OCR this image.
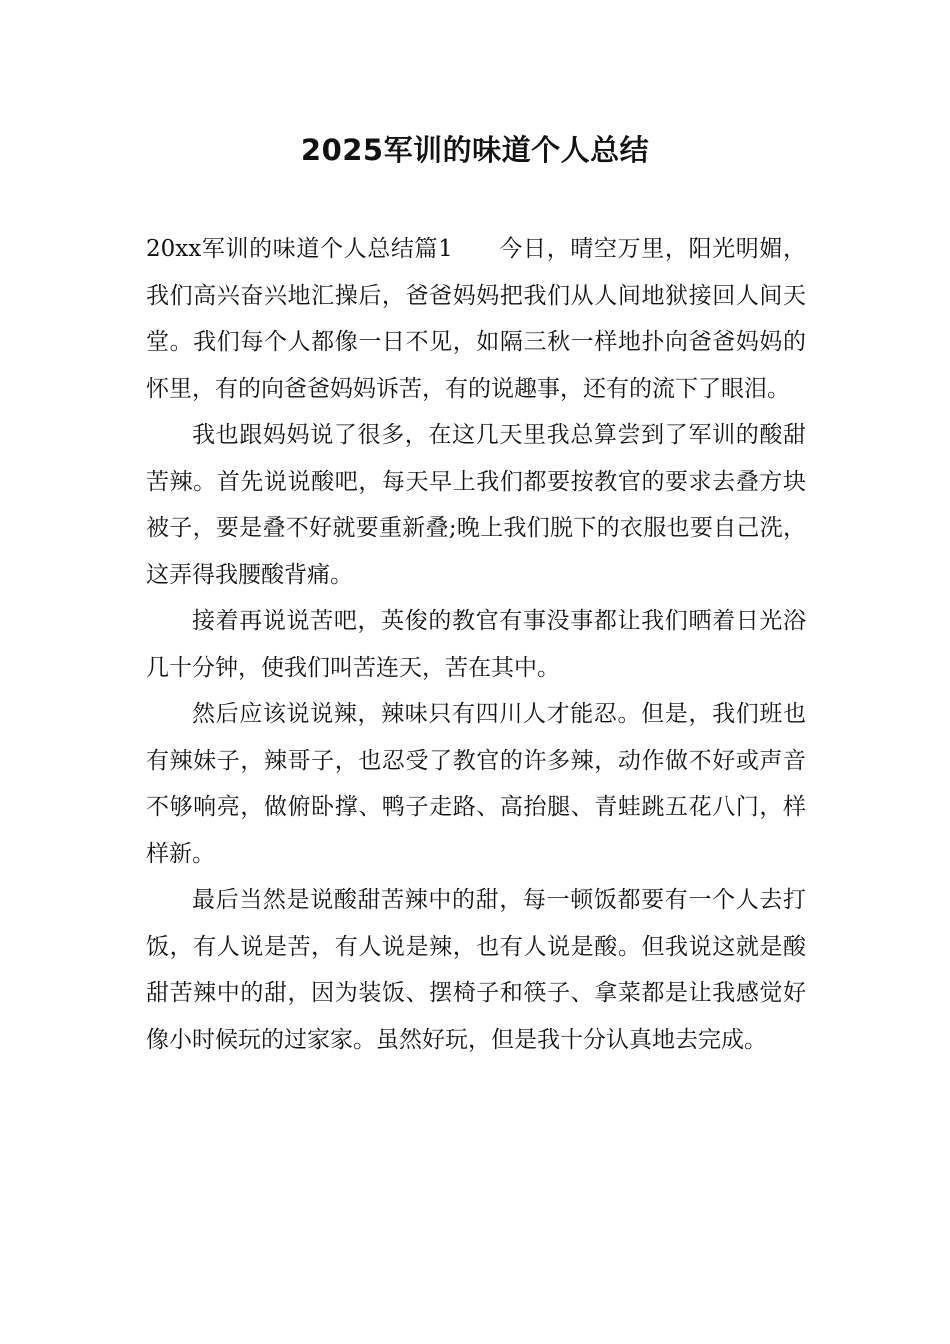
2025军训的味道个人总结

20xx军训的味道个人总结篇1 今日，晴空万里，阳光明媚，我们高兴奋兴地汇操后，爸爸妈妈把我们从人间地狱接回人间天堂。我们每个人都像一日不见，如隔三秋一样地扑向爸爸妈妈的怀里，有的向爸爸妈妈诉苦，有的说趣事，还有的流下了眼泪。

我也跟妈妈说了很多，在这几天里我总算尝到了军训的酸甜苦辣。首先说说酸吧，每天早上我们都要按教官的要求去叠方块被子，要是叠不好就要重新叠;晚上我们脱下的衣服也要自己洗，这弄得我腰酸背痛。

接着再说说苦吧，英俊的教官有事没事都让我们晒着日光浴几十分钟，使我们叫苦连天，苦在其中。

然后应该说说辣，辣味只有四川人才能忍。但是，我们班也有辣妹子，辣哥子，也忍受了教官的许多辣，动作做不好或声音不够响亮，做俯卧撑、鸭子走路、高抬腿、青蛙跳五花八门，样样新。

最后当然是说酸甜苦辣中的甜，每一顿饭都要有一个人去打饭，有人说是苦，有人说是辣，也有人说是酸。但我说这就是酸甜苦辣中的甜，因为装饭、摆椅子和筷子、拿菜都是让我感觉好像小时候玩的过家家。虽然好玩，但是我十分认真地去完成。
